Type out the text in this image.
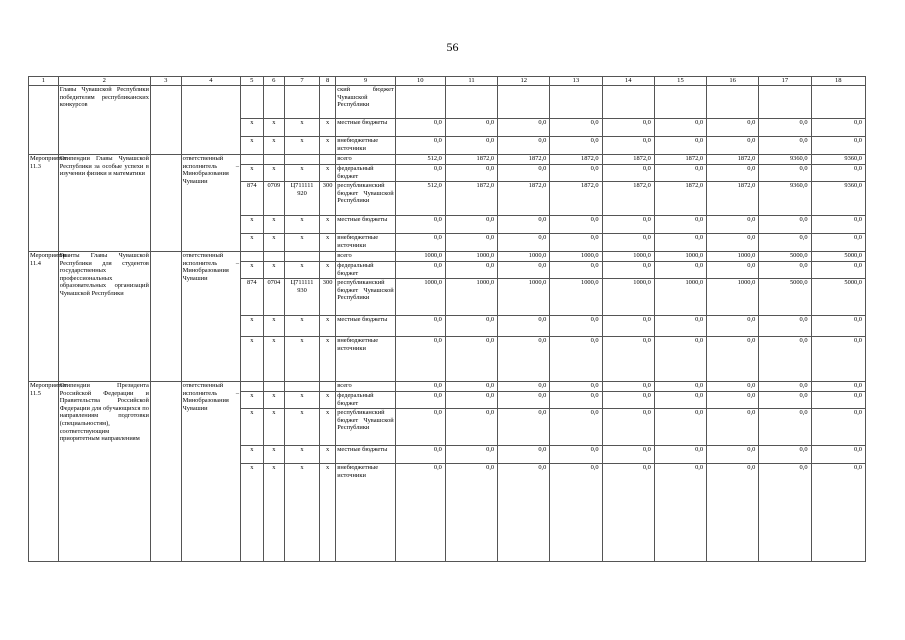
56
1	2	3	4	5	6	7	8	9	10	11	12	13	14	15	16	17	18
	Главы Чувашской Республики победителям республиканских конкурсов							ский бюджет Чувашской Республики									
				x	x	x	x	местные бюджеты	0,0	0,0	0,0	0,0	0,0	0,0	0,0	0,0	0,0
				x	x	x	x	внебюджетные источники	0,0	0,0	0,0	0,0	0,0	0,0	0,0	0,0	0,0
Мероприятие 11.3	Стипендии Главы Чувашской Республики за особые успехи в изучении физики и математики		ответственный исполнитель – Минобразования Чувашии					всего	512,0	1872,0	1872,0	1872,0	1872,0	1872,0	1872,0	9360,0	9360,0
				x	x	x	x	федеральный бюджет	0,0	0,0	0,0	0,0	0,0	0,0	0,0	0,0	0,0
				874	0709	Ц711111 920	300	республиканский бюджет Чувашской Республики	512,0	1872,0	1872,0	1872,0	1872,0	1872,0	1872,0	9360,0	9360,0
				x	x	x	x	местные бюджеты	0,0	0,0	0,0	0,0	0,0	0,0	0,0	0,0	0,0
				x	x	x	x	внебюджетные источники	0,0	0,0	0,0	0,0	0,0	0,0	0,0	0,0	0,0
Мероприятие 11.4	Гранты Главы Чувашской Республики для студентов государственных профессиональных образовательных организаций Чувашской Республики		ответственный исполнитель – Минобразования Чувашии					всего	1000,0	1000,0	1000,0	1000,0	1000,0	1000,0	1000,0	5000,0	5000,0
				x	x	x	x	федеральный бюджет	0,0	0,0	0,0	0,0	0,0	0,0	0,0	0,0	0,0
				874	0704	Ц711111 930	300	республиканский бюджет Чувашской Республики	1000,0	1000,0	1000,0	1000,0	1000,0	1000,0	1000,0	5000,0	5000,0
				x	x	x	x	местные бюджеты	0,0	0,0	0,0	0,0	0,0	0,0	0,0	0,0	0,0
				x	x	x	x	внебюджетные источники	0,0	0,0	0,0	0,0	0,0	0,0	0,0	0,0	0,0
Мероприятие 11.5	Стипендии Президента Российской Федерации и Правительства Российской Федерации для обучающихся по направлениям подготовки (специальностям), соответствующим приоритетным направлениям		ответственный исполнитель – Минобразования Чувашии					всего	0,0	0,0	0,0	0,0	0,0	0,0	0,0	0,0	0,0
				x	x	x	x	федеральный бюджет	0,0	0,0	0,0	0,0	0,0	0,0	0,0	0,0	0,0
				x	x	x	x	республиканский бюджет Чувашской Республики	0,0	0,0	0,0	0,0	0,0	0,0	0,0	0,0	0,0
				x	x	x	x	местные бюджеты	0,0	0,0	0,0	0,0	0,0	0,0	0,0	0,0	0,0
				x	x	x	x	внебюджетные источники	0,0	0,0	0,0	0,0	0,0	0,0	0,0	0,0	0,0
